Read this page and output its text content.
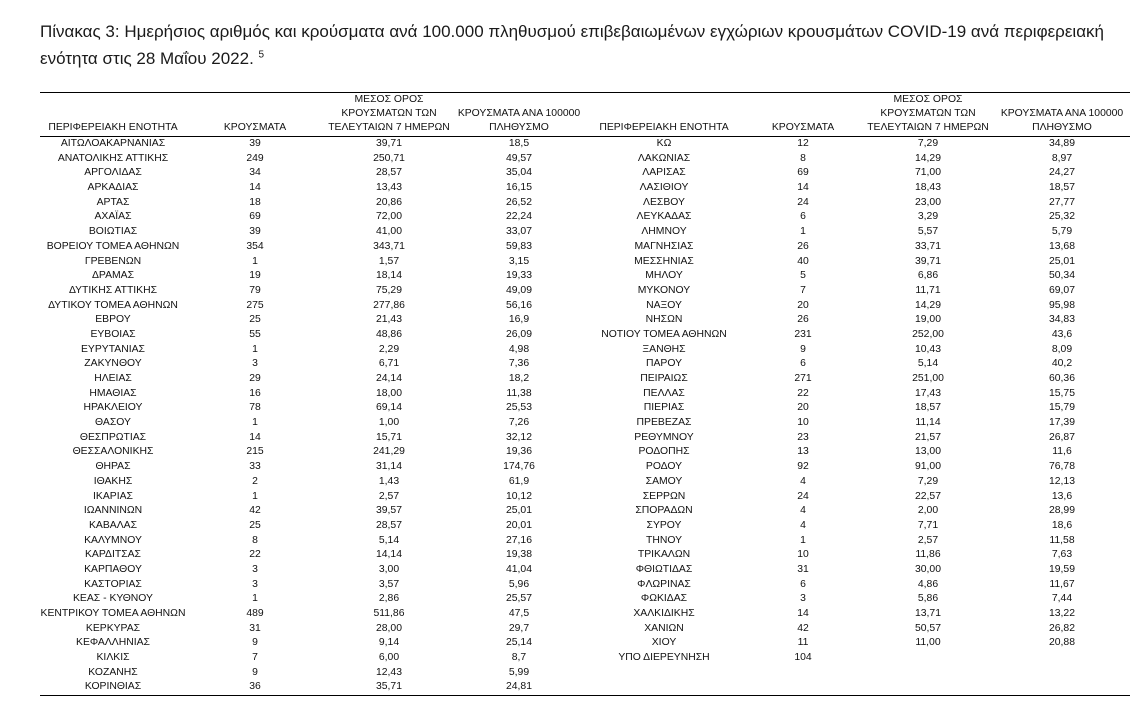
Πίνακας 3: Ημερήσιος αριθμός και κρούσματα ανά 100.000 πληθυσμού επιβεβαιωμένων εγχώριων κρουσμάτων COVID-19 ανά περιφερειακή ενότητα στις 28 Μαΐου 2022. $^5$
ΠΕΡΙΦΕΡΕΙΑΚΗ ΕΝΟΤΗΤΑ	ΚΡΟΥΣΜΑΤΑ	ΜΕΣΟΣ ΟΡΟΣ ΚΡΟΥΣΜΑΤΩΝ ΤΩΝ ΤΕΛΕΥΤΑΙΩΝ 7 ΗΜΕΡΩΝ	ΚΡΟΥΣΜΑΤΑ ΑΝΑ 100000 ΠΛΗΘΥΣΜΟ	ΠΕΡΙΦΕΡΕΙΑΚΗ ΕΝΟΤΗΤΑ	ΚΡΟΥΣΜΑΤΑ	ΜΕΣΟΣ ΟΡΟΣ ΚΡΟΥΣΜΑΤΩΝ ΤΩΝ ΤΕΛΕΥΤΑΙΩΝ 7 ΗΜΕΡΩΝ	ΚΡΟΥΣΜΑΤΑ ΑΝΑ 100000 ΠΛΗΘΥΣΜΟ
ΑΙΤΩΛΟΑΚΑΡΝΑΝΙΑΣ	39	39,71	18,5	ΚΩ	12	7,29	34,89
ΑΝΑΤΟΛΙΚΗΣ ΑΤΤΙΚΗΣ	249	250,71	49,57	ΛΑΚΩΝΙΑΣ	8	14,29	8,97
ΑΡΓΟΛΙΔΑΣ	34	28,57	35,04	ΛΑΡΙΣΑΣ	69	71,00	24,27
ΑΡΚΑΔΙΑΣ	14	13,43	16,15	ΛΑΣΙΘΙΟΥ	14	18,43	18,57
ΑΡΤΑΣ	18	20,86	26,52	ΛΕΣΒΟΥ	24	23,00	27,77
ΑΧΑΪΑΣ	69	72,00	22,24	ΛΕΥΚΑΔΑΣ	6	3,29	25,32
ΒΟΙΩΤΙΑΣ	39	41,00	33,07	ΛΗΜΝΟΥ	1	5,57	5,79
ΒΟΡΕΙΟΥ ΤΟΜΕΑ ΑΘΗΝΩΝ	354	343,71	59,83	ΜΑΓΝΗΣΙΑΣ	26	33,71	13,68
ΓΡΕΒΕΝΩΝ	1	1,57	3,15	ΜΕΣΣΗΝΙΑΣ	40	39,71	25,01
ΔΡΑΜΑΣ	19	18,14	19,33	ΜΗΛΟΥ	5	6,86	50,34
ΔΥΤΙΚΗΣ ΑΤΤΙΚΗΣ	79	75,29	49,09	ΜΥΚΟΝΟΥ	7	11,71	69,07
ΔΥΤΙΚΟΥ ΤΟΜΕΑ ΑΘΗΝΩΝ	275	277,86	56,16	ΝΑΞΟΥ	20	14,29	95,98
ΕΒΡΟΥ	25	21,43	16,9	ΝΗΣΩΝ	26	19,00	34,83
ΕΥΒΟΙΑΣ	55	48,86	26,09	ΝΟΤΙΟΥ ΤΟΜΕΑ ΑΘΗΝΩΝ	231	252,00	43,6
ΕΥΡΥΤΑΝΙΑΣ	1	2,29	4,98	ΞΑΝΘΗΣ	9	10,43	8,09
ΖΑΚΥΝΘΟΥ	3	6,71	7,36	ΠΑΡΟΥ	6	5,14	40,2
ΗΛΕΙΑΣ	29	24,14	18,2	ΠΕΙΡΑΙΩΣ	271	251,00	60,36
ΗΜΑΘΙΑΣ	16	18,00	11,38	ΠΕΛΛΑΣ	22	17,43	15,75
ΗΡΑΚΛΕΙΟΥ	78	69,14	25,53	ΠΙΕΡΙΑΣ	20	18,57	15,79
ΘΑΣΟΥ	1	1,00	7,26	ΠΡΕΒΕΖΑΣ	10	11,14	17,39
ΘΕΣΠΡΩΤΙΑΣ	14	15,71	32,12	ΡΕΘΥΜΝΟΥ	23	21,57	26,87
ΘΕΣΣΑΛΟΝΙΚΗΣ	215	241,29	19,36	ΡΟΔΟΠΗΣ	13	13,00	11,6
ΘΗΡΑΣ	33	31,14	174,76	ΡΟΔΟΥ	92	91,00	76,78
ΙΘΑΚΗΣ	2	1,43	61,9	ΣΑΜΟΥ	4	7,29	12,13
ΙΚΑΡΙΑΣ	1	2,57	10,12	ΣΕΡΡΩΝ	24	22,57	13,6
ΙΩΑΝΝΙΝΩΝ	42	39,57	25,01	ΣΠΟΡΑΔΩΝ	4	2,00	28,99
ΚΑΒΑΛΑΣ	25	28,57	20,01	ΣΥΡΟΥ	4	7,71	18,6
ΚΑΛΥΜΝΟΥ	8	5,14	27,16	ΤΗΝΟΥ	1	2,57	11,58
ΚΑΡΔΙΤΣΑΣ	22	14,14	19,38	ΤΡΙΚΑΛΩΝ	10	11,86	7,63
ΚΑΡΠΑΘΟΥ	3	3,00	41,04	ΦΘΙΩΤΙΔΑΣ	31	30,00	19,59
ΚΑΣΤΟΡΙΑΣ	3	3,57	5,96	ΦΛΩΡΙΝΑΣ	6	4,86	11,67
ΚΕΑΣ - ΚΥΘΝΟΥ	1	2,86	25,57	ΦΩΚΙΔΑΣ	3	5,86	7,44
ΚΕΝΤΡΙΚΟΥ ΤΟΜΕΑ ΑΘΗΝΩΝ	489	511,86	47,5	ΧΑΛΚΙΔΙΚΗΣ	14	13,71	13,22
ΚΕΡΚΥΡΑΣ	31	28,00	29,7	ΧΑΝΙΩΝ	42	50,57	26,82
ΚΕΦΑΛΛΗΝΙΑΣ	9	9,14	25,14	ΧΙΟΥ	11	11,00	20,88
ΚΙΛΚΙΣ	7	6,00	8,7	ΥΠΟ ΔΙΕΡΕΥΝΗΣΗ	104		
ΚΟΖΑΝΗΣ	9	12,43	5,99				
ΚΟΡΙΝΘΙΑΣ	36	35,71	24,81				
